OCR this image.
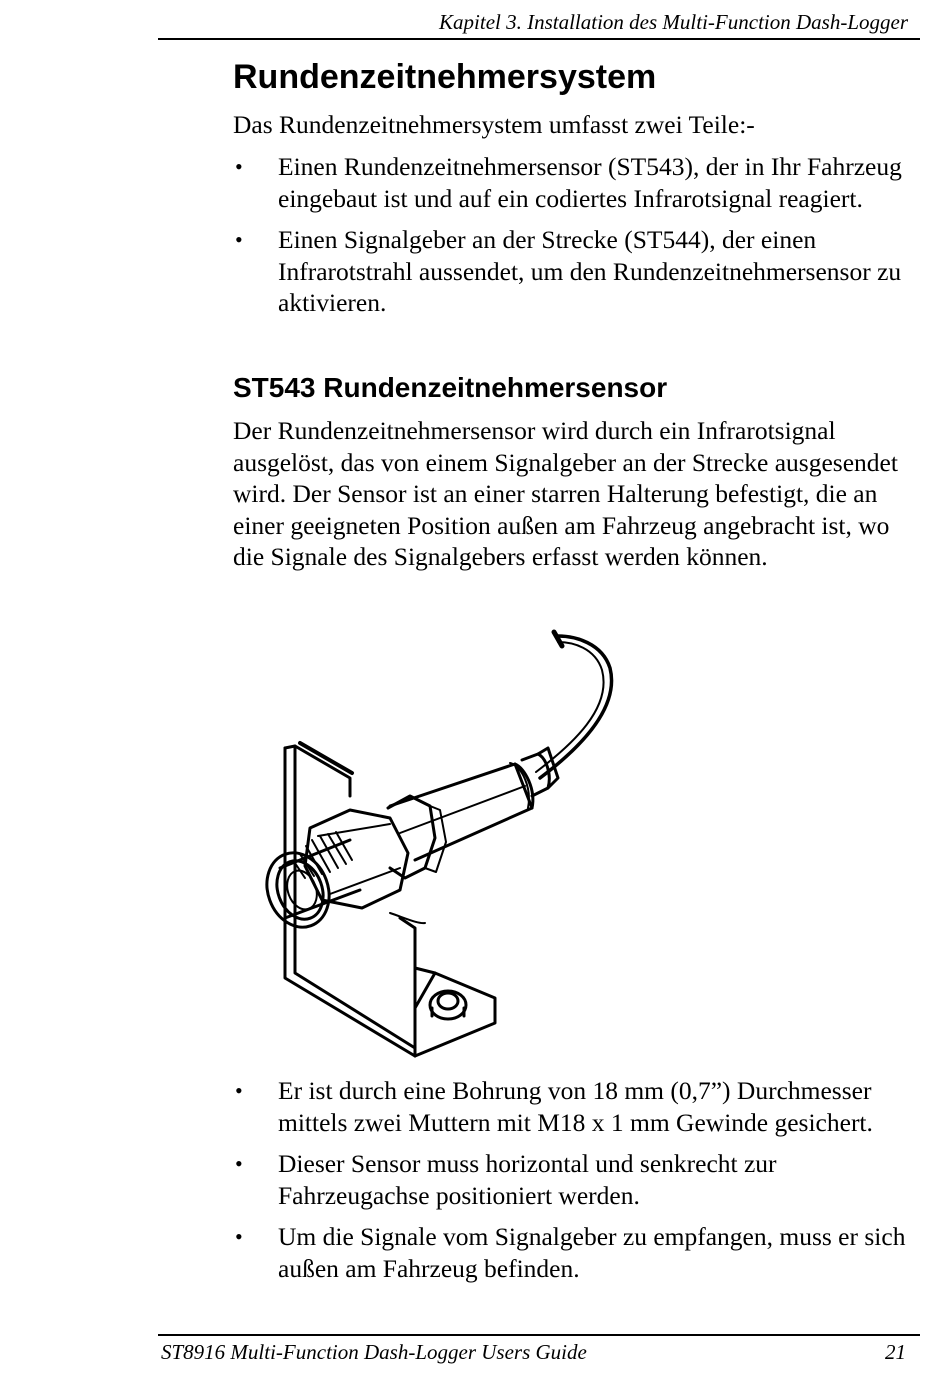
Kapitel 3. Installation des Multi-Function Dash-Logger
Rundenzeitnehmersystem

Das Rundenzeitnehmersystem umfasst zwei Teile:-

• Einen Rundenzeitnehmersensor (ST543), der in Ihr Fahrzeug eingebaut ist und auf ein codiertes Infrarotsignal reagiert.
• Einen Signalgeber an der Strecke (ST544), der einen Infrarotstrahl aussendet, um den Rundenzeitnehmersensor zu aktivieren.
ST543 Rundenzeitnehmersensor

Der Rundenzeitnehmersensor wird durch ein Infrarotsignal ausgelöst, das von einem Signalgeber an der Strecke ausgesendet wird. Der Sensor ist an einer starren Halterung befestigt, die an einer geeigneten Position außen am Fahrzeug angebracht ist, wo die Signale des Signalgebers erfasst werden können.

• Er ist durch eine Bohrung von 18 mm (0,7”) Durchmesser mittels zwei Muttern mit M18 x 1 mm Gewinde gesichert.
• Dieser Sensor muss horizontal und senkrecht zur Fahrzeugachse positioniert werden.
• Um die Signale vom Signalgeber zu empfangen, muss er sich außen am Fahrzeug befinden.
ST8916 Multi-Function Dash-Logger Users Guide	21
